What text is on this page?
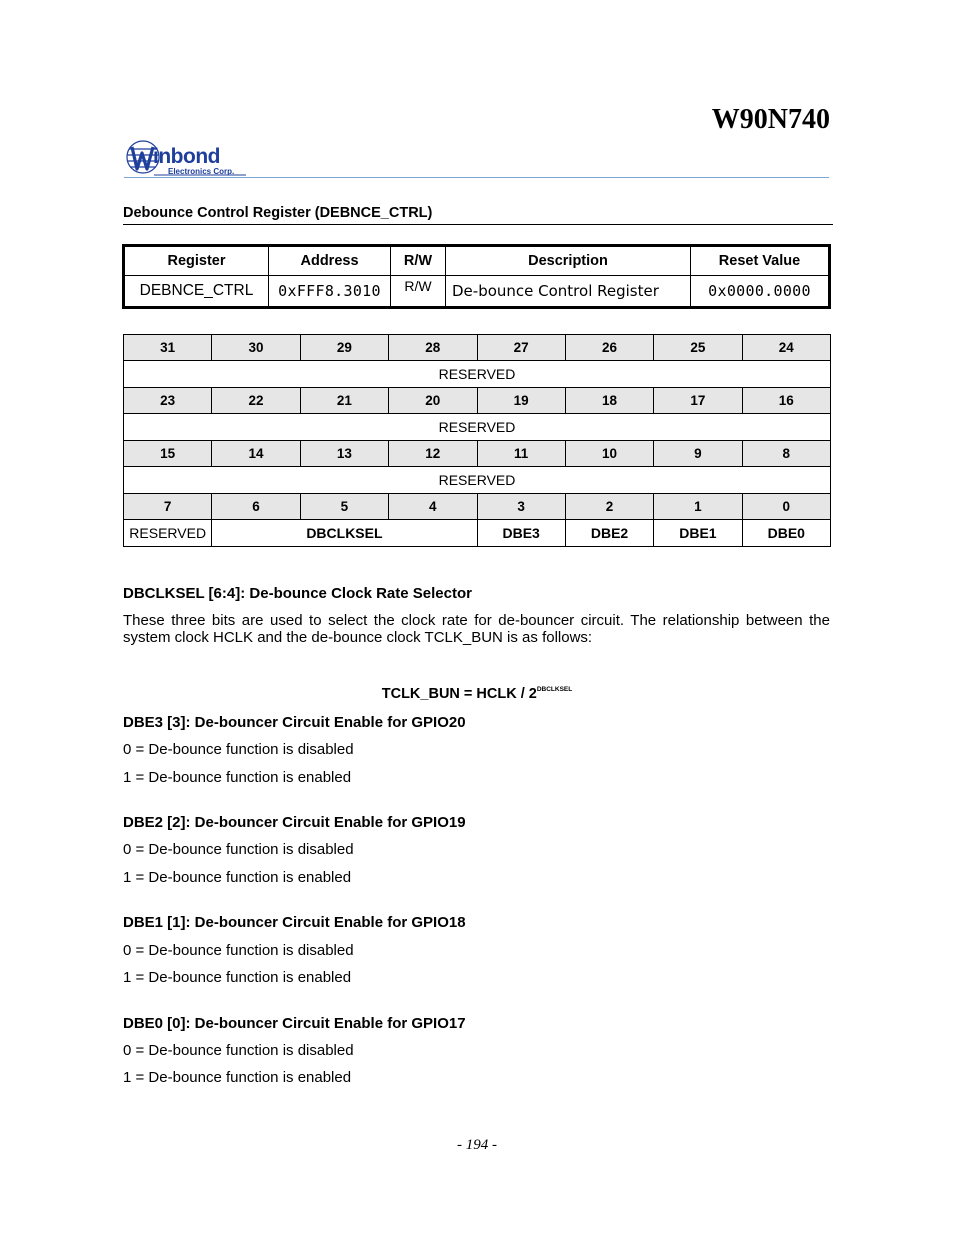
W90N740
inbond
Electronics Corp.
Debounce Control Register (DEBNCE_CTRL)
Register	Address	R/W	Description	Reset Value
DEBNCE_CTRL	0xFFF8.3010	R/W	De-bounce Control Register	0x0000.0000
31	30	29	28	27	26	25	24
RESERVED							
23	22	21	20	19	18	17	16
RESERVED							
15	14	13	12	11	10	9	8
RESERVED							
7	6	5	4	3	2	1	0
RESERVED	DBCLKSEL			DBE3	DBE2	DBE1	DBE0
DBCLKSEL [6:4]: De-bounce Clock Rate Selector
These three bits are used to select the clock rate for de-bouncer circuit. The relationship between the system clock HCLK and the de-bounce clock TCLK_BUN is as follows:
TCLK_BUN = HCLK / $2^{DBCLKSEL}$
DBE3 [3]: De-bouncer Circuit Enable for GPIO20
0 = De-bounce function is disabled
1 = De-bounce function is enabled
DBE2 [2]: De-bouncer Circuit Enable for GPIO19
0 = De-bounce function is disabled
1 = De-bounce function is enabled
DBE1 [1]: De-bouncer Circuit Enable for GPIO18
0 = De-bounce function is disabled
1 = De-bounce function is enabled
DBE0 [0]: De-bouncer Circuit Enable for GPIO17
0 = De-bounce function is disabled
1 = De-bounce function is enabled
- 194 -
